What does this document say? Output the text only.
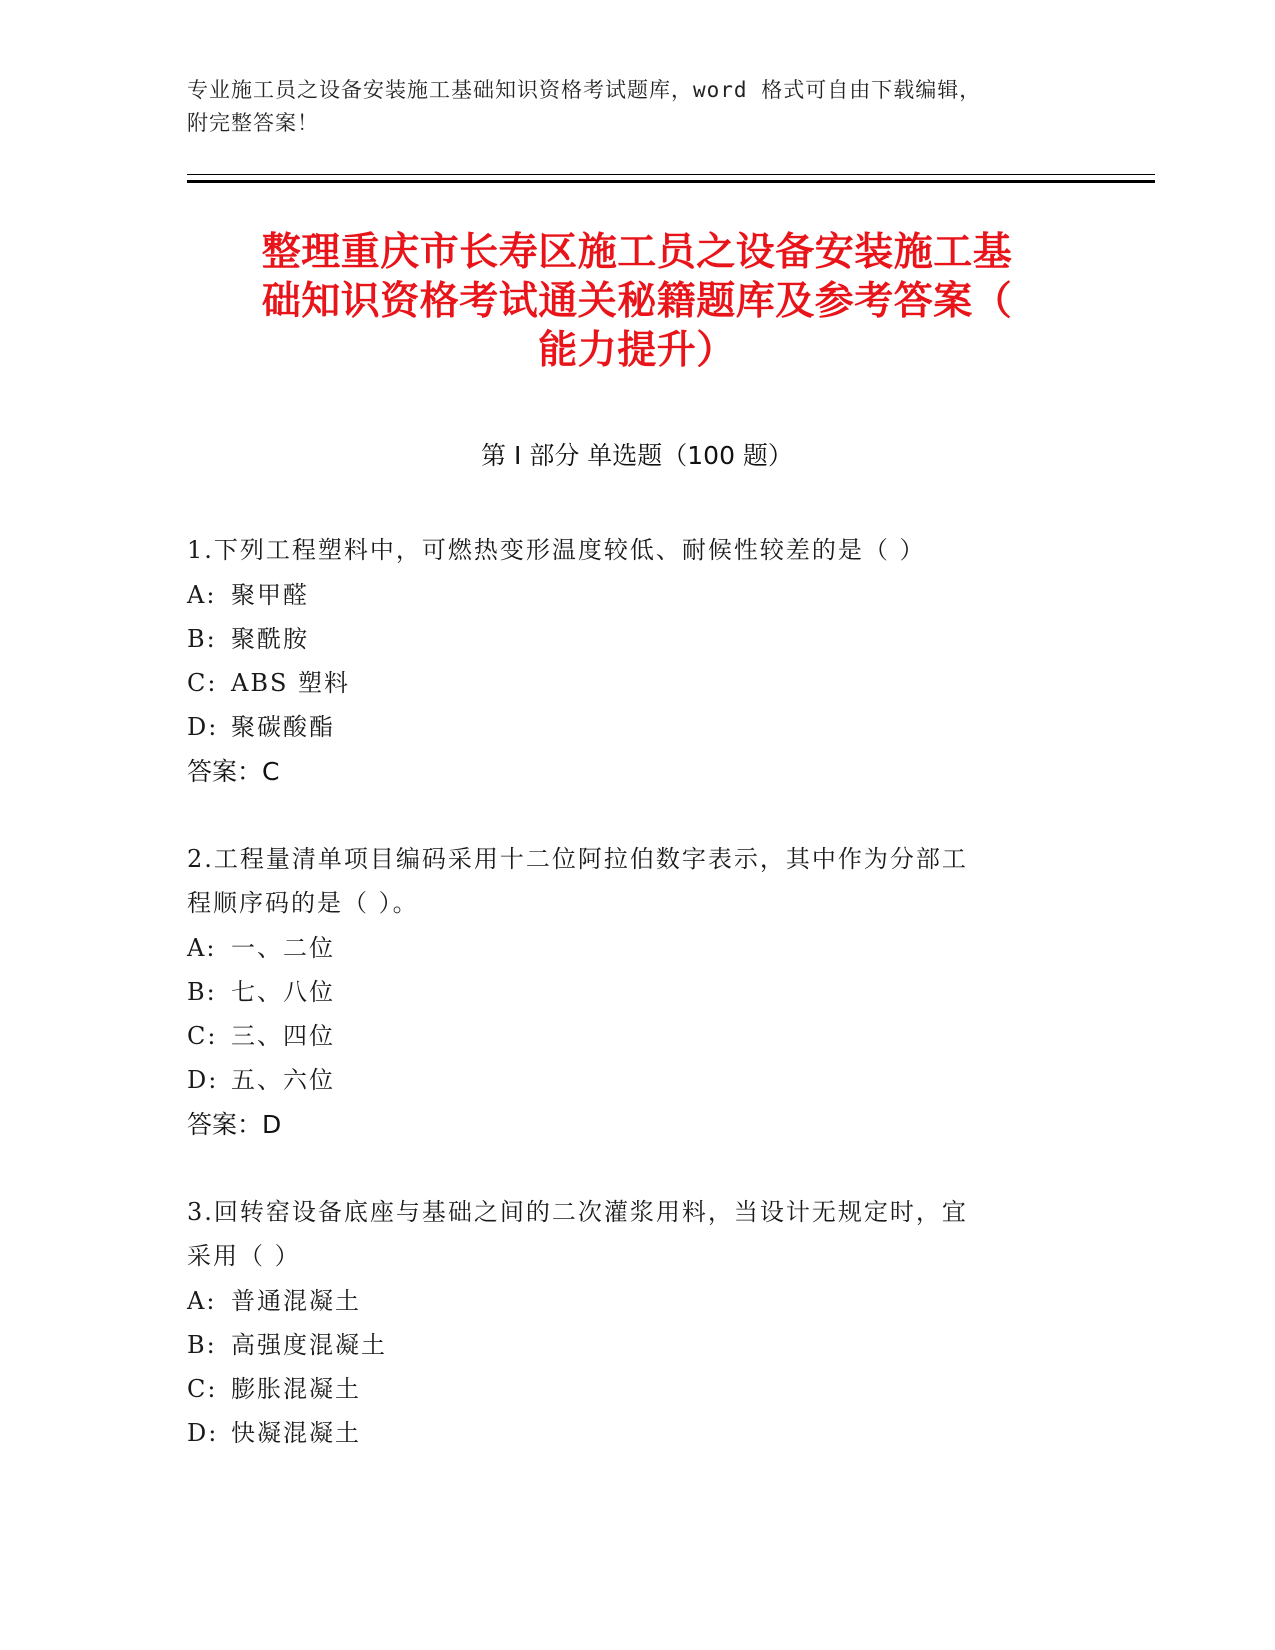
专业施工员之设备安装施工基础知识资格考试题库，word 格式可自由下载编辑，
附完整答案！
整理重庆市长寿区施工员之设备安装施工基
础知识资格考试通关秘籍题库及参考答案（
能力提升）
第 I 部分 单选题（100 题）
1.下列工程塑料中，可燃热变形温度较低、耐候性较差的是（ ）
A: 聚甲醛
B: 聚酰胺
C: ABS 塑料
D: 聚碳酸酯
答案：C
2.工程量清单项目编码采用十二位阿拉伯数字表示，其中作为分部工
程顺序码的是（ ）。
A: 一、二位
B: 七、八位
C: 三、四位
D: 五、六位
答案：D
3.回转窑设备底座与基础之间的二次灌浆用料，当设计无规定时，宜
采用（ ）
A: 普通混凝土
B: 高强度混凝土
C: 膨胀混凝土
D: 快凝混凝土
